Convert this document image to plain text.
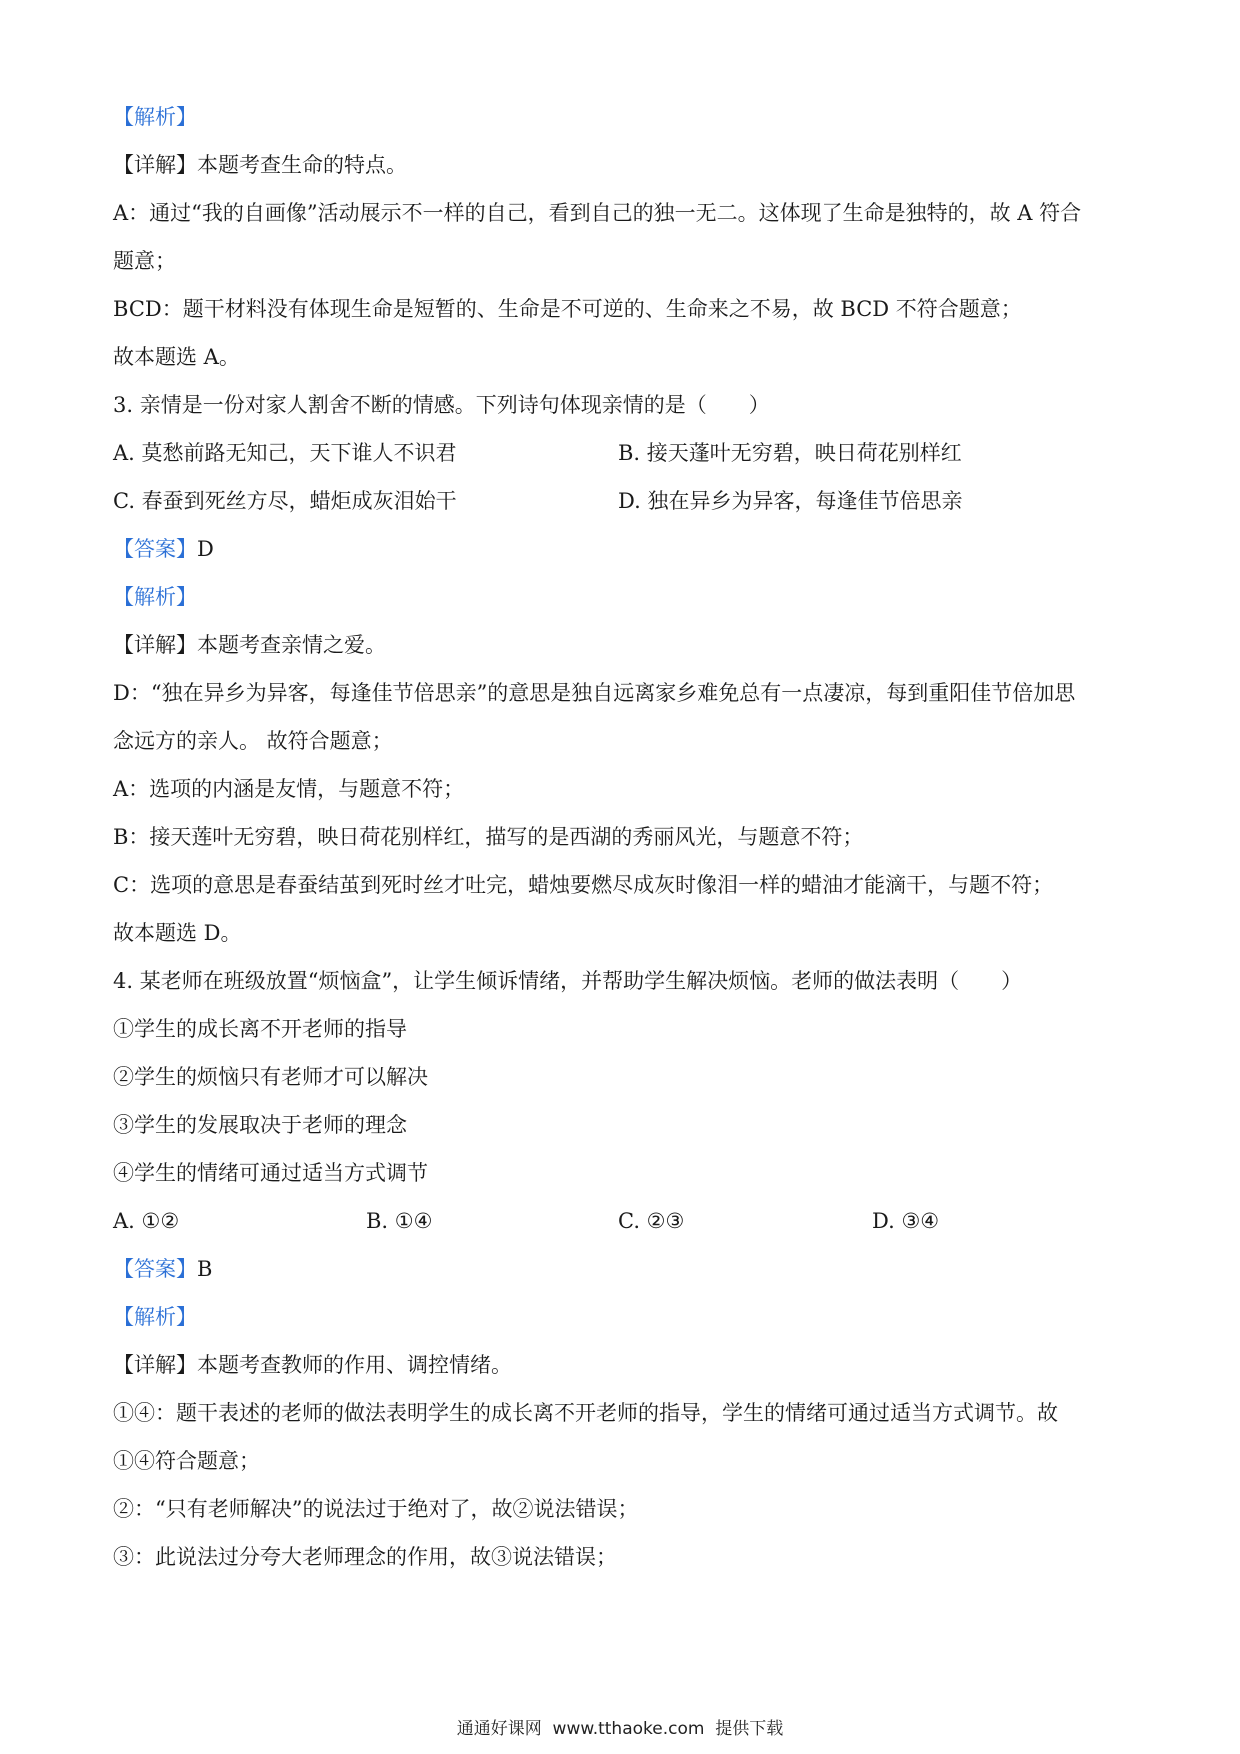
【解析】
【详解】本题考查生命的特点。
A：通过“我的自画像”活动展示不一样的自己，看到自己的独一无二。这体现了生命是独特的，故 A 符合
题意；
BCD：题干材料没有体现生命是短暂的、生命是不可逆的、生命来之不易，故 BCD 不符合题意；
故本题选 A。
3. 亲情是一份对家人割舍不断的情感。下列诗句体现亲情的是（　　）
A. 莫愁前路无知己，天下谁人不识君	B. 接天蓬叶无穷碧，映日荷花别样红
C. 春蚕到死丝方尽，蜡炬成灰泪始干	D. 独在异乡为异客，每逢佳节倍思亲
【答案】D
【解析】
【详解】本题考查亲情之爱。
D：“独在异乡为异客，每逢佳节倍思亲”的意思是独自远离家乡难免总有一点凄凉，每到重阳佳节倍加思
念远方的亲人。 故符合题意；
A：选项的内涵是友情，与题意不符；
B：接天莲叶无穷碧，映日荷花别样红，描写的是西湖的秀丽风光，与题意不符；
C：选项的意思是春蚕结茧到死时丝才吐完，蜡烛要燃尽成灰时像泪一样的蜡油才能滴干，与题不符；
故本题选 D。
4. 某老师在班级放置“烦恼盒”，让学生倾诉情绪，并帮助学生解决烦恼。老师的做法表明（　　）
①学生的成长离不开老师的指导
②学生的烦恼只有老师才可以解决
③学生的发展取决于老师的理念
④学生的情绪可通过适当方式调节
A. ①②	B. ①④	C. ②③	D. ③④
【答案】B
【解析】
【详解】本题考查教师的作用、调控情绪。
①④：题干表述的老师的做法表明学生的成长离不开老师的指导，学生的情绪可通过适当方式调节。故
①④符合题意；
②：“只有老师解决”的说法过于绝对了，故②说法错误；
③：此说法过分夸大老师理念的作用，故③说法错误；
通通好课网 www.tthaoke.com 提供下载
